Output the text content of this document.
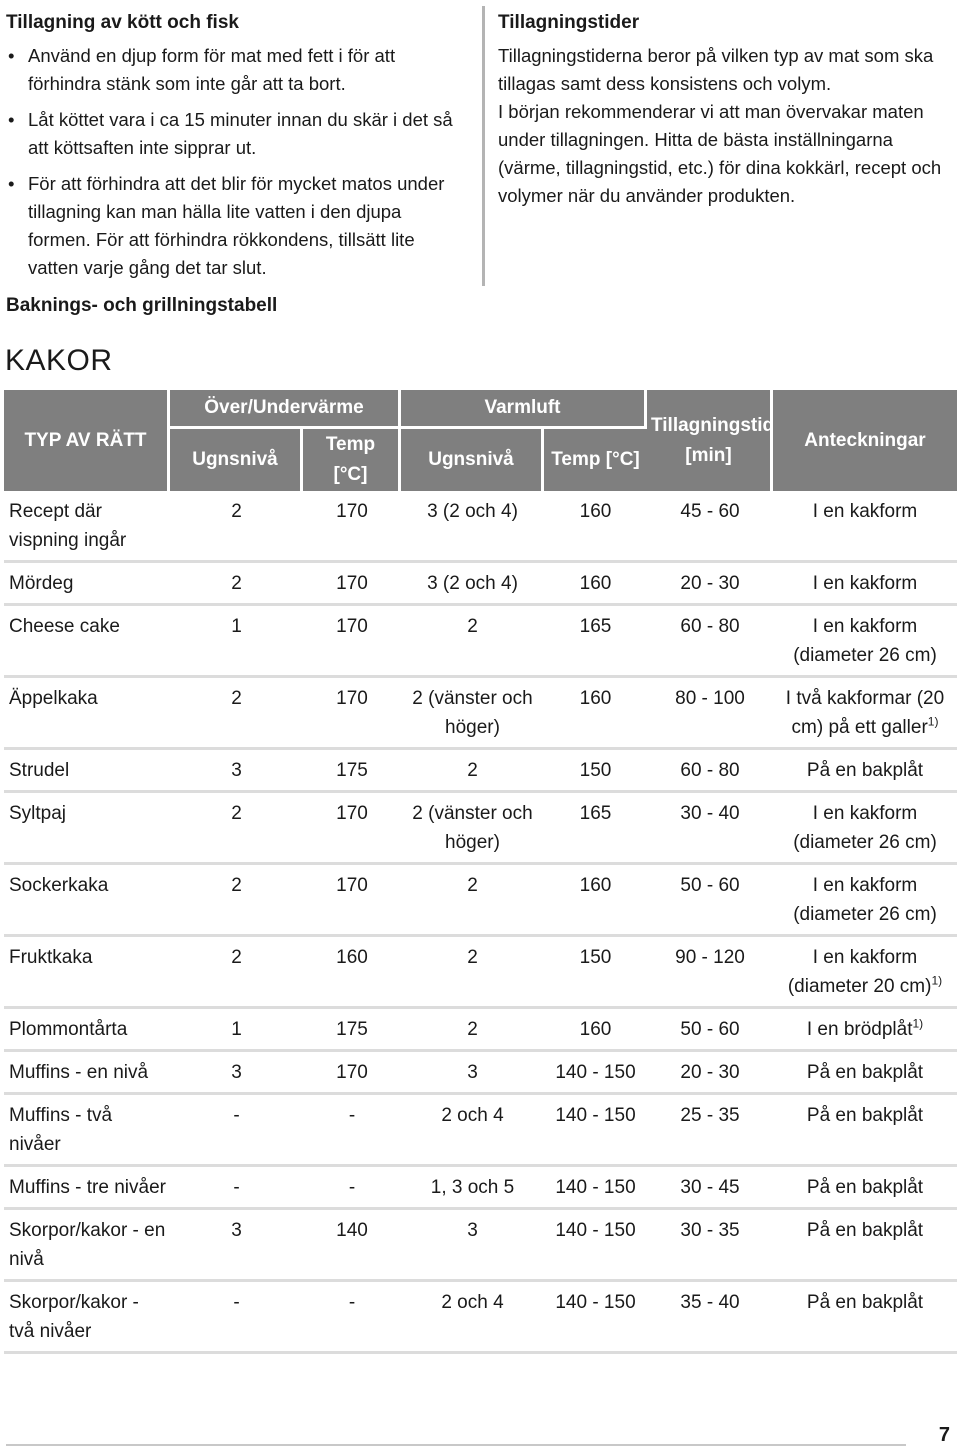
Tillagning av kött och fisk
• Använd en djup form för mat med fett i för att förhindra stänk som inte går att ta bort.
• Låt köttet vara i ca 15 minuter innan du skär i det så att köttsaften inte sipprar ut.
• För att förhindra att det blir för mycket matos under tillagning kan man hälla lite vatten i den djupa formen. För att förhindra rökkondens, tillsätt lite vatten varje gång det tar slut.
Tillagningstider

Tillagningstiderna beror på vilken typ av mat som ska tillagas samt dess konsistens och volym.

I början rekommenderar vi att man övervakar maten under tillagningen. Hitta de bästa inställningarna (värme, tillagningstid, etc.) för dina kokkärl, recept och volymer när du använder produkten.

Baknings- och grillningstabell
KAKOR
TYP AV RÄTT	Över/Undervärme		Varmluft		Tillagningstid [min]	Anteckningar
	Ugnsnivå	Temp [°C]	Ugnsnivå	Temp [°C]		
Recept där vispning ingår	2	170	3 (2 och 4)	160	45 - 60	I en kakform
Mördeg	2	170	3 (2 och 4)	160	20 - 30	I en kakform
Cheese cake	1	170	2	165	60 - 80	I en kakform (diameter 26 cm)
Äppelkaka	2	170	2 (vänster och höger)	160	80 - 100	I två kakformar (20 cm) på ett galler$^{1)}$
Strudel	3	175	2	150	60 - 80	På en bakplåt
Syltpaj	2	170	2 (vänster och höger)	165	30 - 40	I en kakform (diameter 26 cm)
Sockerkaka	2	170	2	160	50 - 60	I en kakform (diameter 26 cm)
Fruktkaka	2	160	2	150	90 - 120	I en kakform (diameter 20 cm)$^{1)}$
Plommontårta	1	175	2	160	50 - 60	I en brödplåt$^{1)}$
Muffins - en nivå	3	170	3	140 - 150	20 - 30	På en bakplåt
Muffins - två nivåer	-	-	2 och 4	140 - 150	25 - 35	På en bakplåt
Muffins - tre nivåer	-	-	1, 3 och 5	140 - 150	30 - 45	På en bakplåt
Skorpor/kakor - en nivå	3	140	3	140 - 150	30 - 35	På en bakplåt
Skorpor/kakor - två nivåer	-	-	2 och 4	140 - 150	35 - 40	På en bakplåt
7
